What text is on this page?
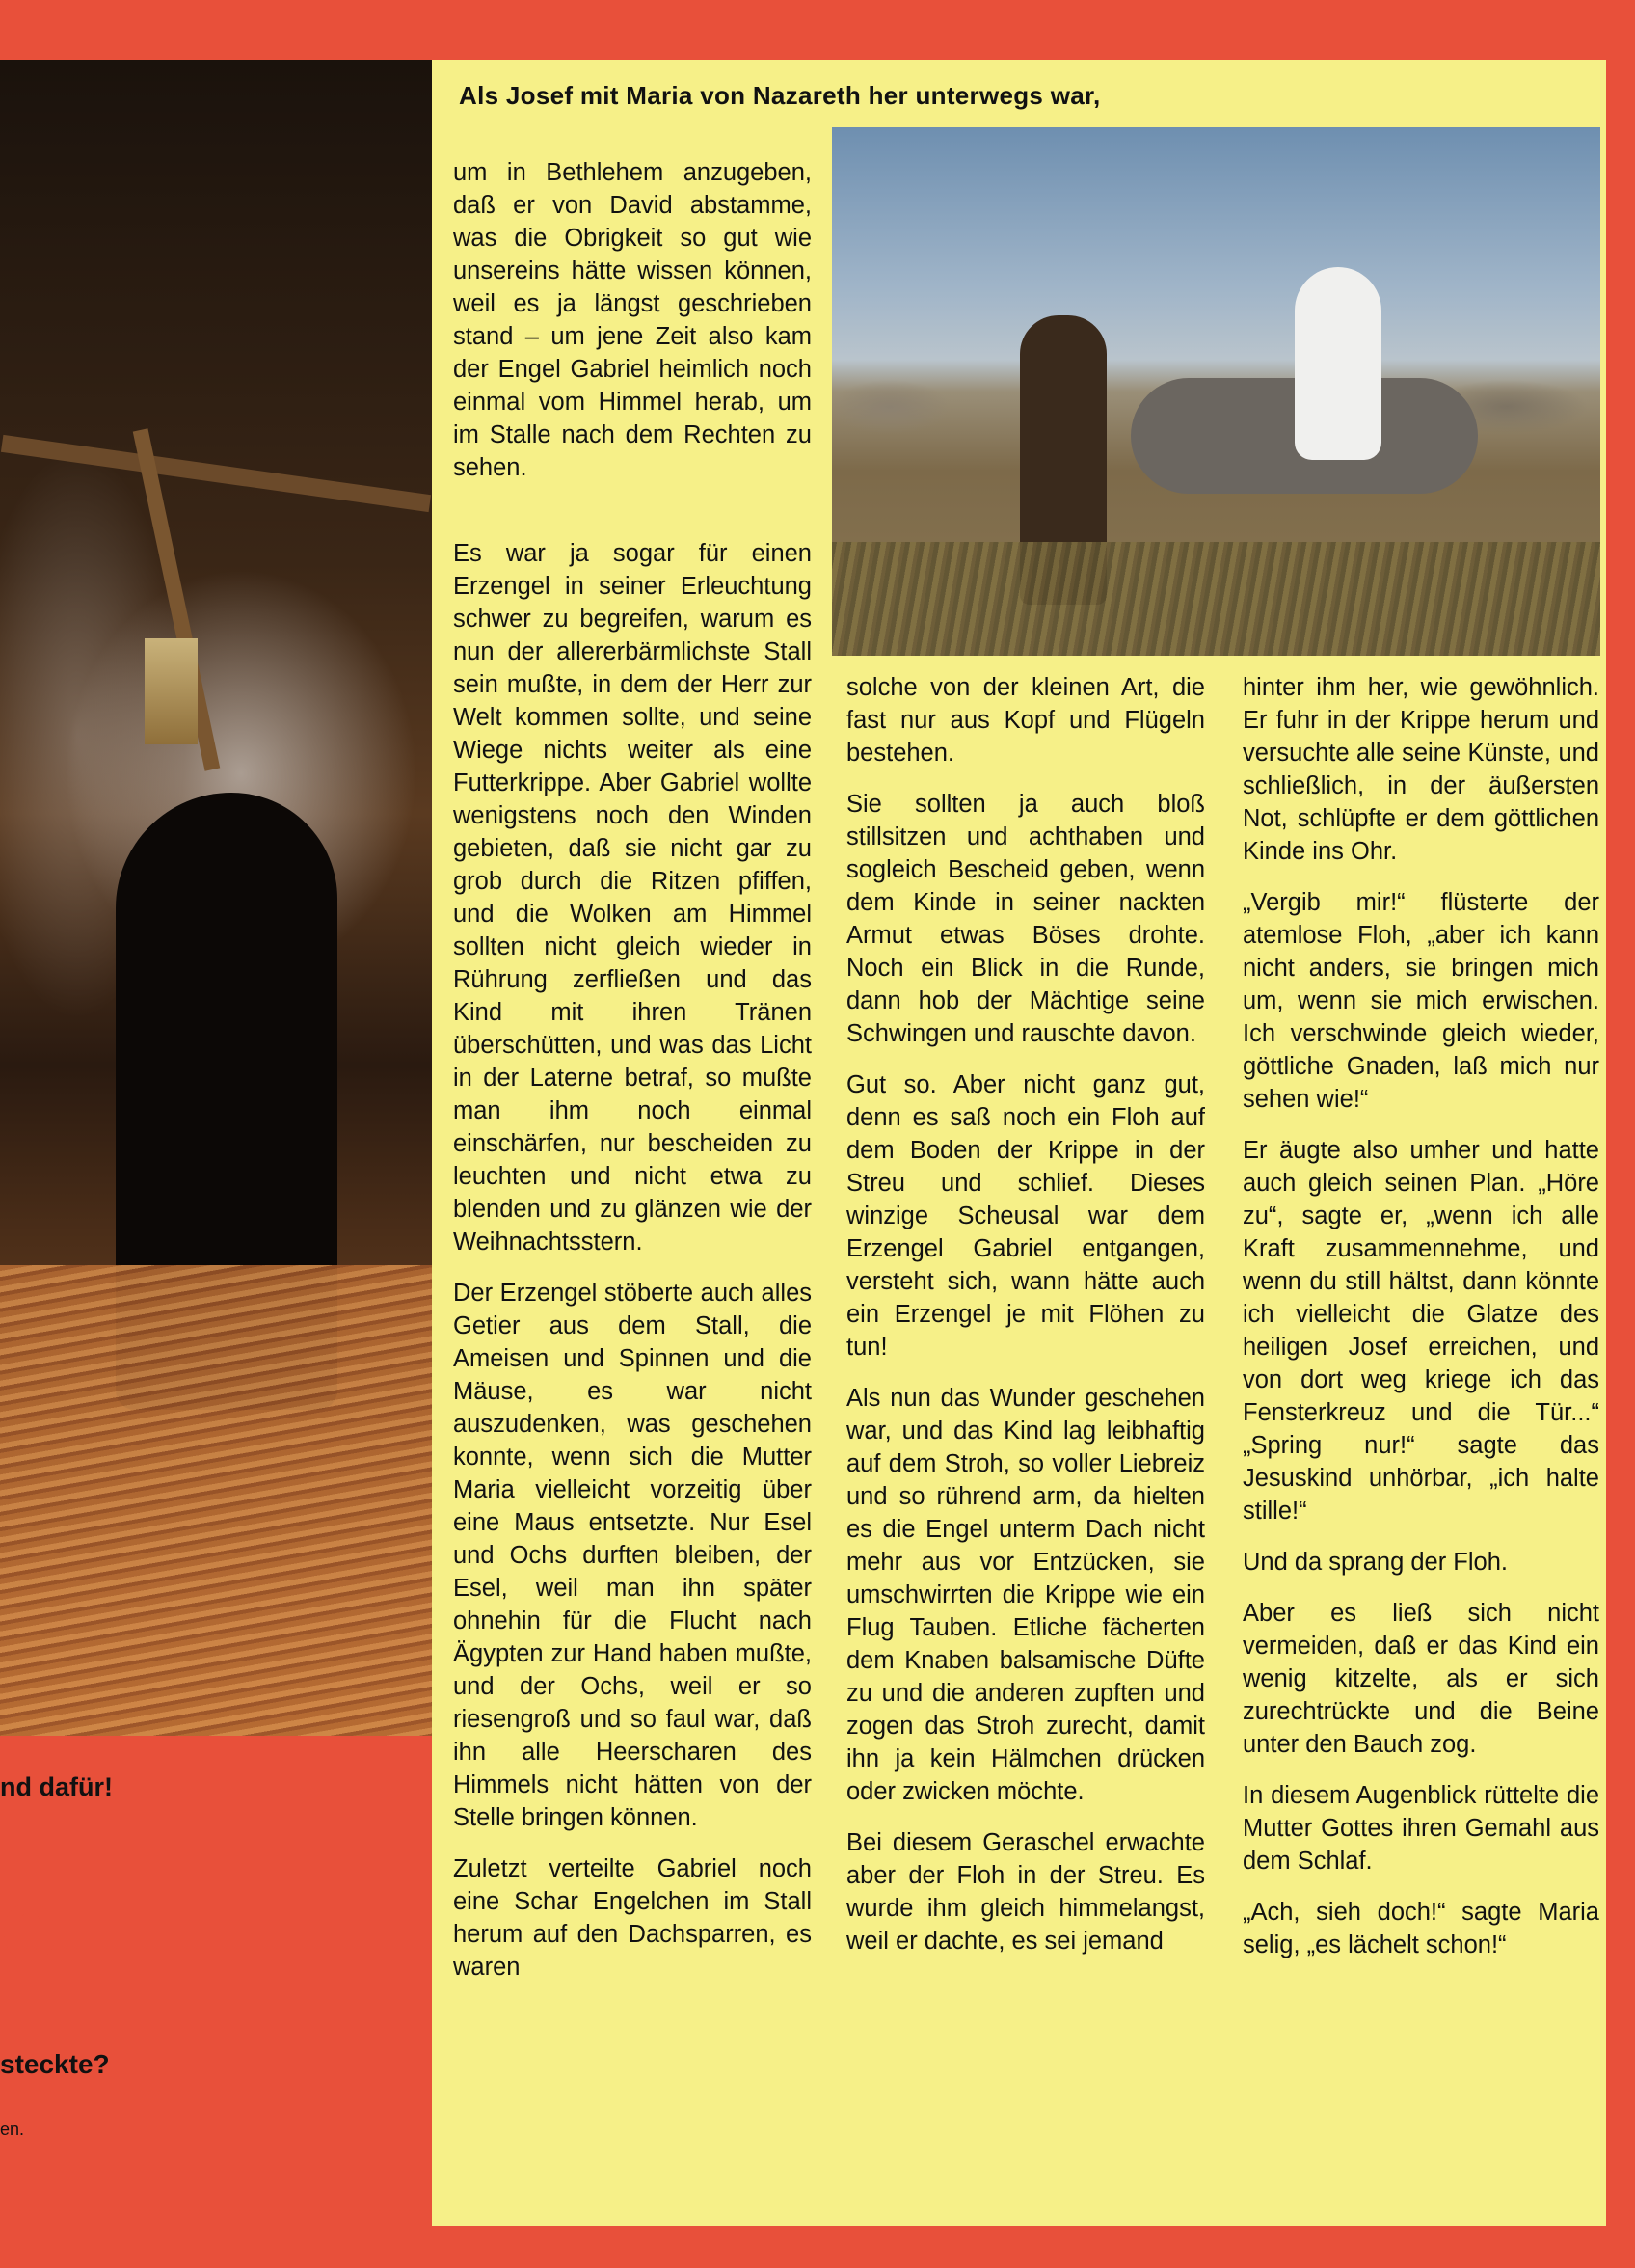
nd dafür!
e
steckte?
en.
Als Josef mit Maria von Nazareth her unterwegs war,

um in Bethlehem anzugeben, daß er von David abstamme, was die Obrigkeit so gut wie unsereins hätte wissen können, weil es ja längst geschrieben stand – um jene Zeit also kam der Engel Gabriel heimlich noch einmal vom Himmel herab, um im Stalle nach dem Rechten zu sehen.

Es war ja sogar für einen Erzengel in seiner Erleuchtung schwer zu begreifen, warum es nun der allererbärmlichste Stall sein mußte, in dem der Herr zur Welt kommen sollte, und seine Wiege nichts weiter als eine Futterkrippe. Aber Gabriel wollte wenigstens noch den Winden gebieten, daß sie nicht gar zu grob durch die Ritzen pfiffen, und die Wolken am Himmel sollten nicht gleich wieder in Rührung zerfließen und das Kind mit ihren Tränen überschütten, und was das Licht in der Laterne betraf, so mußte man ihm noch einmal einschärfen, nur bescheiden zu leuchten und nicht etwa zu blenden und zu glänzen wie der Weihnachtsstern.

Der Erzengel stöberte auch alles Getier aus dem Stall, die Ameisen und Spinnen und die Mäuse, es war nicht auszudenken, was geschehen konnte, wenn sich die Mutter Maria vielleicht vorzeitig über eine Maus entsetzte. Nur Esel und Ochs durften bleiben, der Esel, weil man ihn später ohnehin für die Flucht nach Ägypten zur Hand haben mußte, und der Ochs, weil er so riesengroß und so faul war, daß ihn alle Heerscharen des Himmels nicht hätten von der Stelle bringen können.

Zuletzt verteilte Gabriel noch eine Schar Engelchen im Stall herum auf den Dachsparren, es waren

solche von der kleinen Art, die fast nur aus Kopf und Flügeln bestehen.

Sie sollten ja auch bloß stillsitzen und achthaben und sogleich Bescheid geben, wenn dem Kinde in seiner nackten Armut etwas Böses drohte. Noch ein Blick in die Runde, dann hob der Mächtige seine Schwingen und rauschte davon.

Gut so. Aber nicht ganz gut, denn es saß noch ein Floh auf dem Boden der Krippe in der Streu und schlief. Dieses winzige Scheusal war dem Erzengel Gabriel entgangen, versteht sich, wann hätte auch ein Erzengel je mit Flöhen zu tun!

Als nun das Wunder geschehen war, und das Kind lag leibhaftig auf dem Stroh, so voller Liebreiz und so rührend arm, da hielten es die Engel unterm Dach nicht mehr aus vor Entzücken, sie umschwirrten die Krippe wie ein Flug Tauben. Etliche fächerten dem Knaben balsamische Düfte zu und die anderen zupften und zogen das Stroh zurecht, damit ihn ja kein Hälmchen drücken oder zwicken möchte.

Bei diesem Geraschel erwachte aber der Floh in der Streu. Es wurde ihm gleich himmelangst, weil er dachte, es sei jemand

hinter ihm her, wie gewöhnlich. Er fuhr in der Krippe herum und versuchte alle seine Künste, und schließlich, in der äußersten Not, schlüpfte er dem göttlichen Kinde ins Ohr.

„Vergib mir!“ flüsterte der atemlose Floh, „aber ich kann nicht anders, sie bringen mich um, wenn sie mich erwischen. Ich verschwinde gleich wieder, göttliche Gnaden, laß mich nur sehen wie!“

Er äugte also umher und hatte auch gleich seinen Plan. „Höre zu“, sagte er, „wenn ich alle Kraft zusammennehme, und wenn du still hältst, dann könnte ich vielleicht die Glatze des heiligen Josef erreichen, und von dort weg kriege ich das Fensterkreuz und die Tür...“ „Spring nur!“ sagte das Jesuskind unhörbar, „ich halte stille!“

Und da sprang der Floh.

Aber es ließ sich nicht vermeiden, daß er das Kind ein wenig kitzelte, als er sich zurechtrückte und die Beine unter den Bauch zog.

In diesem Augenblick rüttelte die Mutter Gottes ihren Gemahl aus dem Schlaf.

„Ach, sieh doch!“ sagte Maria selig, „es lächelt schon!“
